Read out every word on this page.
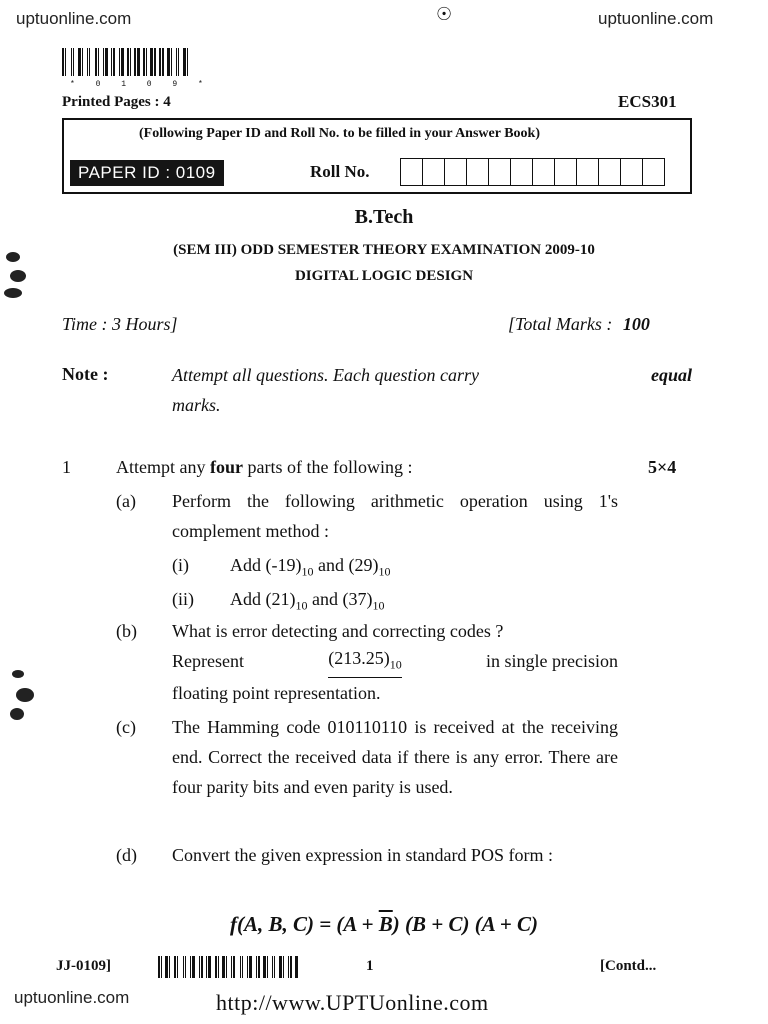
uptuonline.com	uptuonline.com
☉
* 0 1 0 9 *
Printed Pages : 4	ECS301
(Following Paper ID and Roll No. to be filled in your Answer Book)
PAPER ID : 0109	Roll No.
B.Tech
(SEM III) ODD SEMESTER THEORY EXAMINATION 2009-10
DIGITAL LOGIC DESIGN
Time : 3 Hours]	[Total Marks : 100
Note :	Attempt all questions. Each question carry	equal
marks.
1	Attempt any four parts of the following :	5×4
(a) Perform the following arithmetic operation using 1's complement method :
(i) Add $(-19)_{10}$ and $(29)_{10}$
(ii) Add $(21)_{10}$ and $(37)_{10}$
(b) What is error detecting and correcting codes ?
Represent	$(213.25)_{10}$	in single precision
floating point representation.
(c) The Hamming code 010110110 is received at the receiving end. Correct the received data if there is any error. There are four parity bits and even parity is used.
(d) Convert the given expression in standard POS form :
f(A, B, $C) = (A + \overline{B})$ (B + C) (A + C)
JJ-0109]	1	[Contd...
uptuonline.com	http://www.UPTUonline.com
